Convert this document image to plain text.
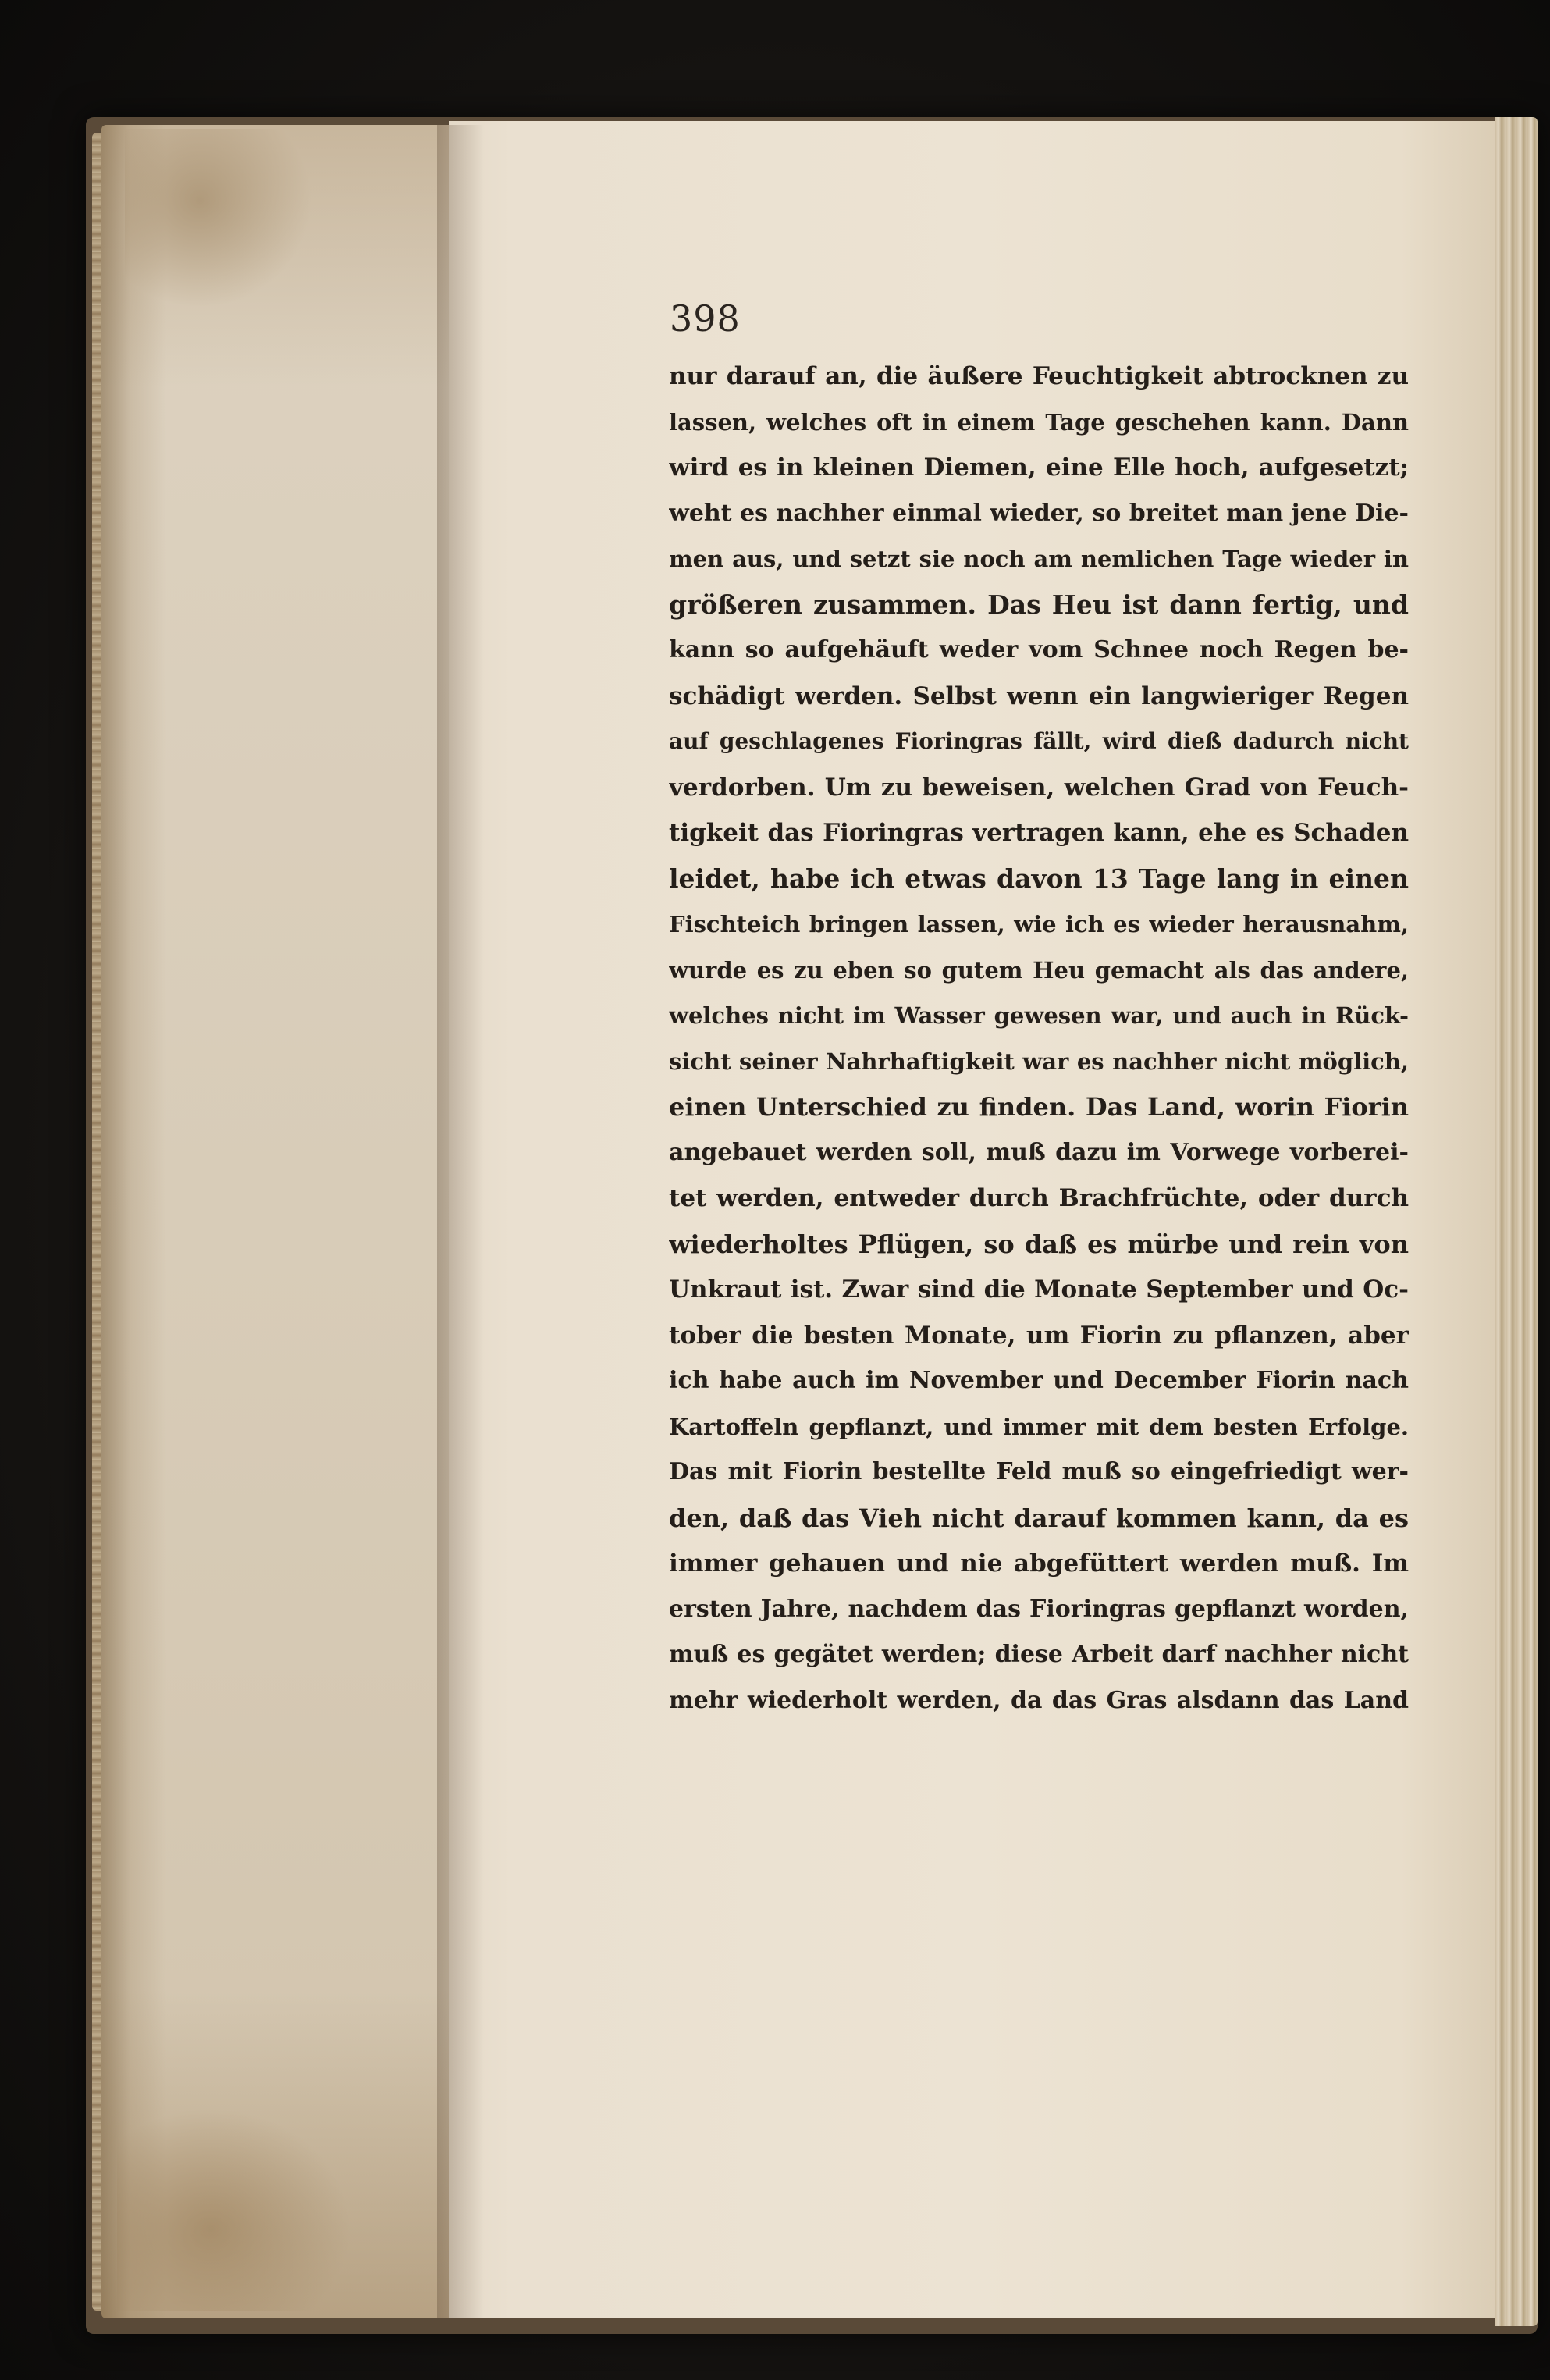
398
nur darauf an, die äußere Feuchtigkeit abtrocknen zu
lassen, welches oft in einem Tage geschehen kann. Dann
wird es in kleinen Diemen, eine Elle hoch, aufgesetzt;
weht es nachher einmal wieder, so breitet man jene Die-
men aus, und setzt sie noch am nemlichen Tage wieder in
größeren zusammen. Das Heu ist dann fertig, und
kann so aufgehäuft weder vom Schnee noch Regen be-
schädigt werden. Selbst wenn ein langwieriger Regen
auf geschlagenes Fioringras fällt, wird dieß dadurch nicht
verdorben. Um zu beweisen, welchen Grad von Feuch-
tigkeit das Fioringras vertragen kann, ehe es Schaden
leidet, habe ich etwas davon 13 Tage lang in einen
Fischteich bringen lassen, wie ich es wieder herausnahm,
wurde es zu eben so gutem Heu gemacht als das andere,
welches nicht im Wasser gewesen war, und auch in Rück-
sicht seiner Nahrhaftigkeit war es nachher nicht möglich,
einen Unterschied zu finden. Das Land, worin Fiorin
angebauet werden soll, muß dazu im Vorwege vorberei-
tet werden, entweder durch Brachfrüchte, oder durch
wiederholtes Pflügen, so daß es mürbe und rein von
Unkraut ist. Zwar sind die Monate September und Oc-
tober die besten Monate, um Fiorin zu pflanzen, aber
ich habe auch im November und December Fiorin nach
Kartoffeln gepflanzt, und immer mit dem besten Erfolge.
Das mit Fiorin bestellte Feld muß so eingefriedigt wer-
den, daß das Vieh nicht darauf kommen kann, da es
immer gehauen und nie abgefüttert werden muß. Im
ersten Jahre, nachdem das Fioringras gepflanzt worden,
muß es gegätet werden; diese Arbeit darf nachher nicht
mehr wiederholt werden, da das Gras alsdann das Land
